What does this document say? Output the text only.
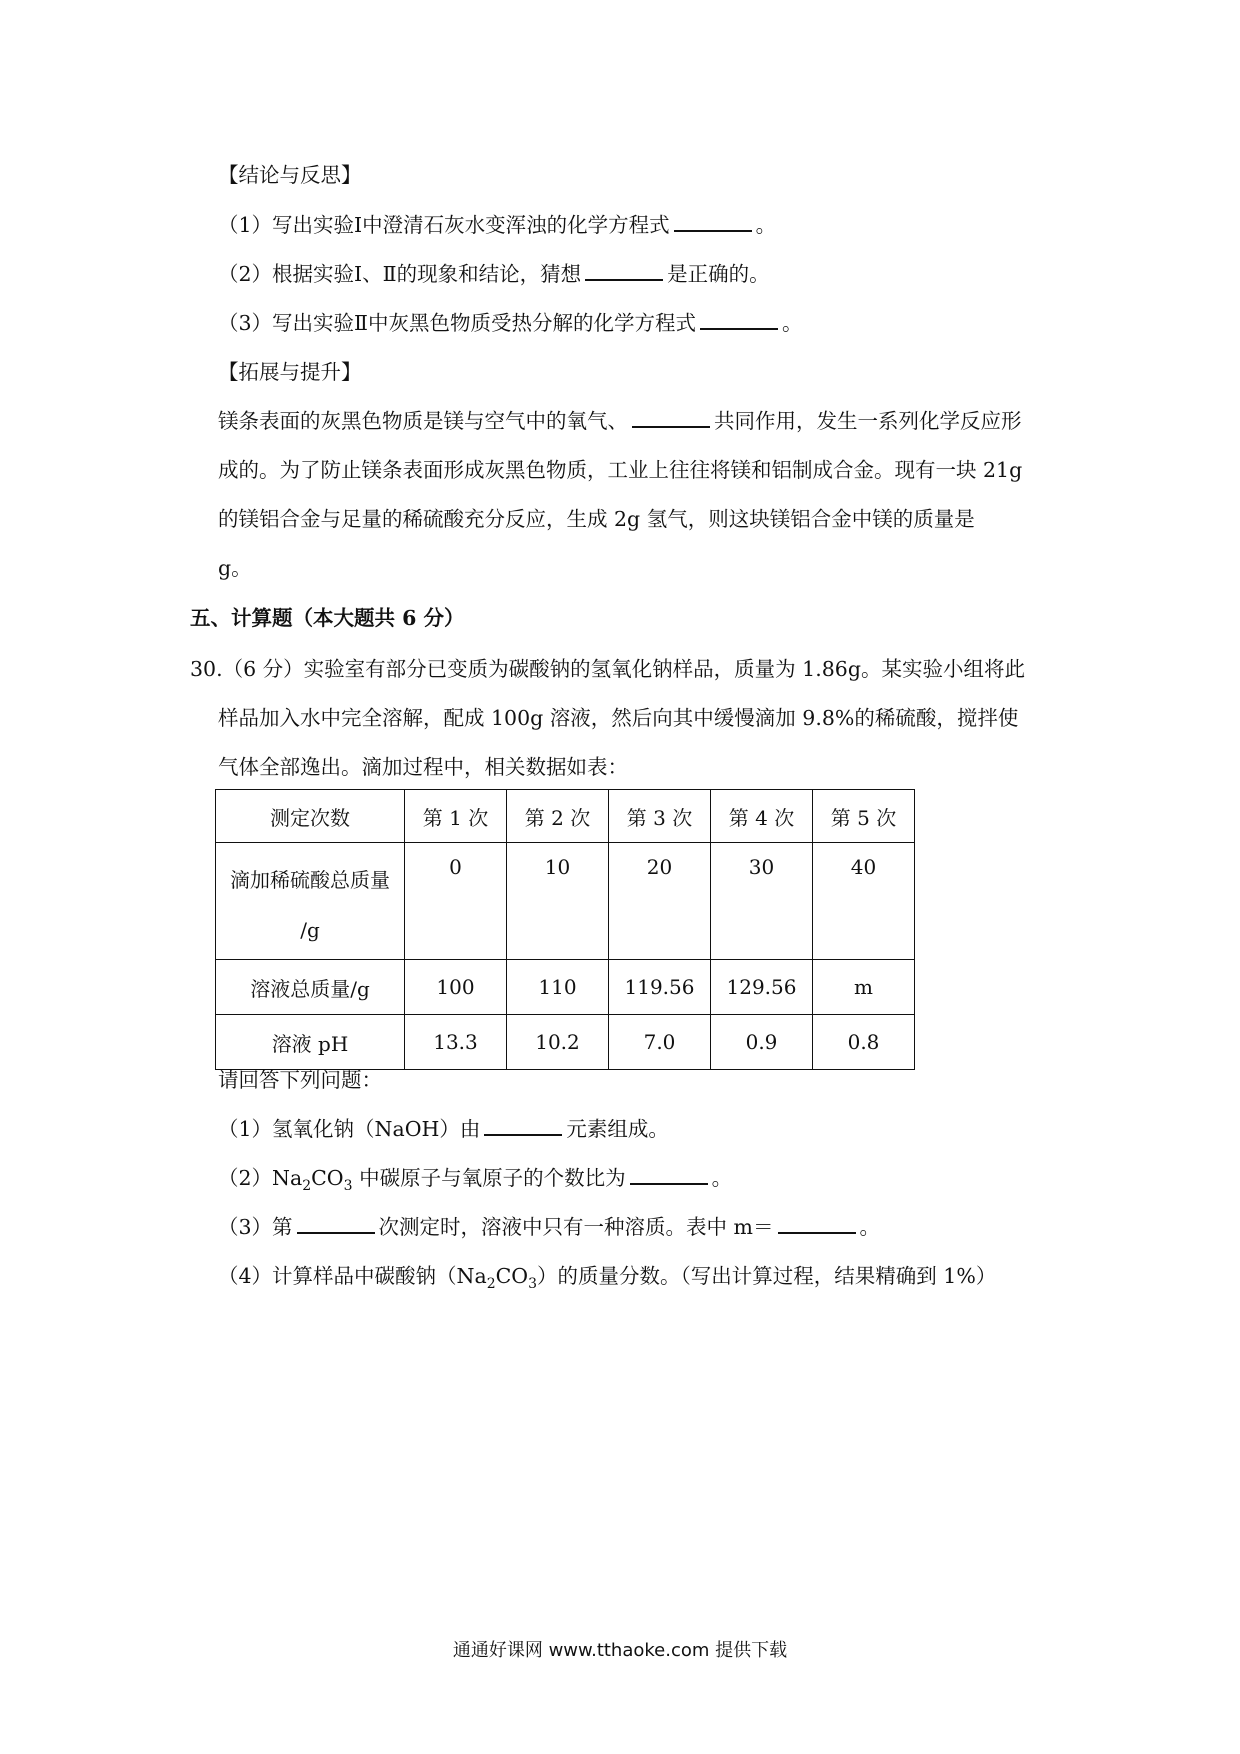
【结论与反思】
（1）写出实验Ⅰ中澄清石灰水变浑浊的化学方程式	。
（2）根据实验Ⅰ、Ⅱ的现象和结论，猜想	是正确的。
（3）写出实验Ⅱ中灰黑色物质受热分解的化学方程式	。
【拓展与提升】
镁条表面的灰黑色物质是镁与空气中的氧气、	共同作用，发生一系列化学反应形
成的。为了防止镁条表面形成灰黑色物质，工业上往往将镁和铝制成合金。现有一块 21g
的镁铝合金与足量的稀硫酸充分反应，生成 2g 氢气，则这块镁铝合金中镁的质量是
g。
五、计算题（本大题共 6 分）
30.（6 分）实验室有部分已变质为碳酸钠的氢氧化钠样品，质量为 1.86g。某实验小组将此
样品加入水中完全溶解，配成 100g 溶液，然后向其中缓慢滴加 9.8%的稀硫酸，搅拌使
气体全部逸出。滴加过程中，相关数据如表：
测定次数	第 1 次	第 2 次	第 3 次	第 4 次	第 5 次

滴加稀硫酸总质量
/g	0	10	20	30	40
溶液总质量/g	100	110	119.56	129.56	m
溶液 pH	13.3	10.2	7.0	0.9	0.8
请回答下列问题：
（1）氢氧化钠（NaOH）由	元素组成。
$(2)Na_2CO_3$ 中碳原子与氧原子的个数比为	。
（3）第	次测定时，溶液中只有一种溶质。表中 m＝	。
（4）计算样品中碳酸钠$(Na_2CO_3)$的质量分数。（写出计算过程，结果精确到 1%）
通通好课网 www.tthaoke.com 提供下载
